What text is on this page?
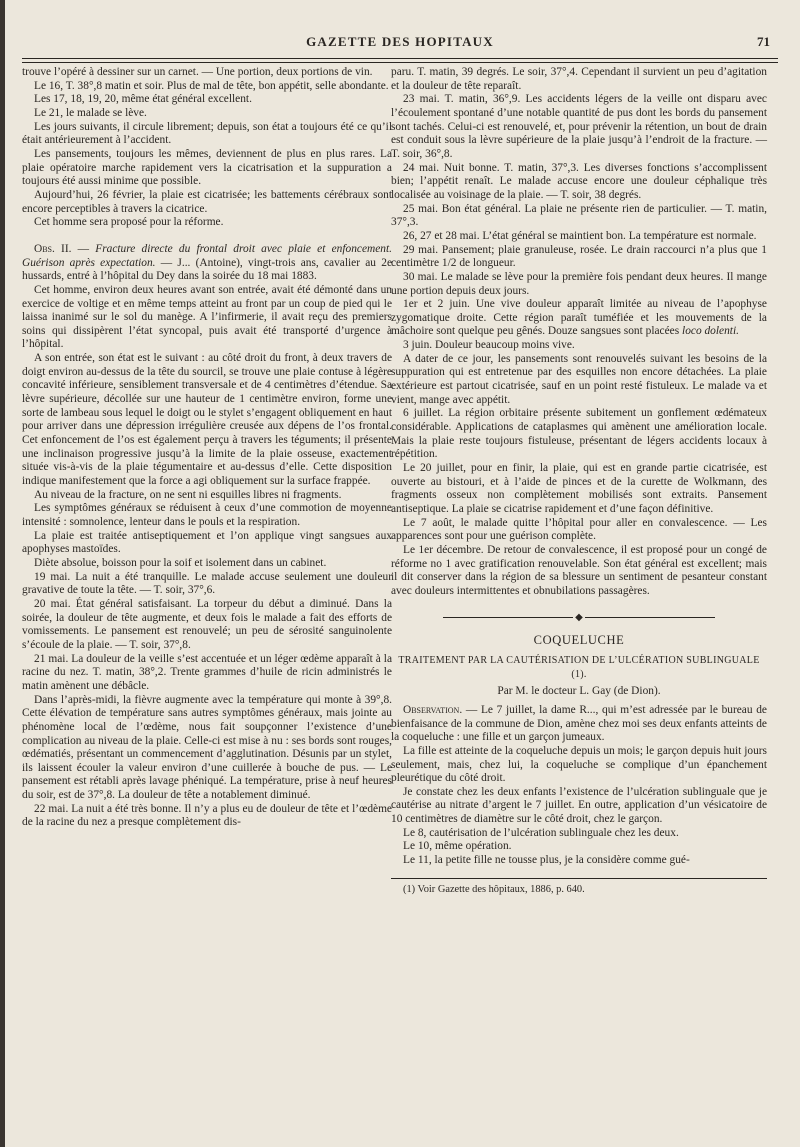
GAZETTE DES HOPITAUX	71

trouve l’opéré à dessiner sur un carnet. — Une portion, deux portions de vin.

Le 16, T. 38°,8 matin et soir. Plus de mal de tête, bon appétit, selle abondante.

Les 17, 18, 19, 20, même état général excellent.

Le 21, le malade se lève.

Les jours suivants, il circule librement; depuis, son état a toujours été ce qu’il était antérieurement à l’accident.

Les pansements, toujours les mêmes, deviennent de plus en plus rares. La plaie opératoire marche rapidement vers la cicatrisation et la suppuration a toujours été aussi minime que possible.

Aujourd’hui, 26 février, la plaie est cicatrisée; les battements cérébraux sont encore perceptibles à travers la cicatrice.

Cet homme sera proposé pour la réforme.

Obs. II. — Fracture directe du frontal droit avec plaie et enfoncement. Guérison après expectation. — J... (Antoine), vingt-trois ans, cavalier au 2e hussards, entré à l’hôpital du Dey dans la soirée du 18 mai 1883.

Cet homme, environ deux heures avant son entrée, avait été démonté dans un exercice de voltige et en même temps atteint au front par un coup de pied qui le laissa inanimé sur le sol du manège. A l’infirmerie, il avait reçu des premiers soins qui dissipèrent l’état syncopal, puis avait été transporté d’urgence à l’hôpital.

A son entrée, son état est le suivant : au côté droit du front, à deux travers de doigt environ au-dessus de la tête du sourcil, se trouve une plaie contuse à légère concavité inférieure, sensiblement transversale et de 4 centimètres d’étendue. Sa lèvre supérieure, décollée sur une hauteur de 1 centimètre environ, forme une sorte de lambeau sous lequel le doigt ou le stylet s’engagent obliquement en haut pour arriver dans une dépression irrégulière creusée aux dépens de l’os frontal. Cet enfoncement de l’os est également perçu à travers les téguments; il présente une inclinaison progressive jusqu’à la limite de la plaie osseuse, exactement située vis-à-vis de la plaie tégumentaire et au-dessus d’elle. Cette disposition indique manifestement que la force a agi obliquement sur la surface frappée.

Au niveau de la fracture, on ne sent ni esquilles libres ni fragments.

Les symptômes généraux se réduisent à ceux d’une commotion de moyenne intensité : somnolence, lenteur dans le pouls et la respiration.

La plaie est traitée antiseptiquement et l’on applique vingt sangsues aux apophyses mastoïdes.

Diète absolue, boisson pour la soif et isolement dans un cabinet.

19 mai. La nuit a été tranquille. Le malade accuse seulement une douleur gravative de toute la tête. — T. soir, 37°,6.

20 mai. État général satisfaisant. La torpeur du début a diminué. Dans la soirée, la douleur de tête augmente, et deux fois le malade a fait des efforts de vomissements. Le pansement est renouvelé; un peu de sérosité sanguinolente s’écoule de la plaie. — T. soir, 37°,8.

21 mai. La douleur de la veille s’est accentuée et un léger œdème apparaît à la racine du nez. T. matin, 38°,2. Trente grammes d’huile de ricin administrés le matin amènent une débâcle.

Dans l’après-midi, la fièvre augmente avec la température qui monte à 39°,8. Cette élévation de température sans autres symptômes généraux, mais jointe au phénomène local de l’œdème, nous fait soupçonner l’existence d’une complication au niveau de la plaie. Celle-ci est mise à nu : ses bords sont rouges, œdématiés, présentant un commencement d’agglutination. Désunis par un stylet, ils laissent écouler la valeur environ d’une cuillerée à bouche de pus. — Le pansement est rétabli après lavage phéniqué. La température, prise à neuf heures du soir, est de 37°,8. La douleur de tête a notablement diminué.

22 mai. La nuit a été très bonne. Il n’y a plus eu de douleur de tête et l’œdème de la racine du nez a presque complètement dis-

paru. T. matin, 39 degrés. Le soir, 37°,4. Cependant il survient un peu d’agitation et la douleur de tête reparaît.

23 mai. T. matin, 36°,9. Les accidents légers de la veille ont disparu avec l’écoulement spontané d’une notable quantité de pus dont les bords du pansement sont tachés. Celui-ci est renouvelé, et, pour prévenir la rétention, un bout de drain est conduit sous la lèvre supérieure de la plaie jusqu’à l’endroit de la fracture. — T. soir, 36°,8.

24 mai. Nuit bonne. T. matin, 37°,3. Les diverses fonctions s’accomplissent bien; l’appétit renaît. Le malade accuse encore une douleur céphalique très localisée au voisinage de la plaie. — T. soir, 38 degrés.

25 mai. Bon état général. La plaie ne présente rien de particulier. — T. matin, 37°,3.

26, 27 et 28 mai. L’état général se maintient bon. La température est normale.

29 mai. Pansement; plaie granuleuse, rosée. Le drain raccourci n’a plus que 1 centimètre 1/2 de longueur.

30 mai. Le malade se lève pour la première fois pendant deux heures. Il mange une portion depuis deux jours.

1er et 2 juin. Une vive douleur apparaît limitée au niveau de l’apophyse zygomatique droite. Cette région paraît tuméfiée et les mouvements de la mâchoire sont quelque peu gênés. Douze sangsues sont placées loco dolenti.

3 juin. Douleur beaucoup moins vive.

A dater de ce jour, les pansements sont renouvelés suivant les besoins de la suppuration qui est entretenue par des esquilles non encore détachées. La plaie extérieure est partout cicatrisée, sauf en un point resté fistuleux. Le malade va et vient, mange avec appétit.

6 juillet. La région orbitaire présente subitement un gonflement œdémateux considérable. Applications de cataplasmes qui amènent une amélioration locale. Mais la plaie reste toujours fistuleuse, présentant de légers accidents locaux à répétition.

Le 20 juillet, pour en finir, la plaie, qui est en grande partie cicatrisée, est ouverte au bistouri, et à l’aide de pinces et de la curette de Wolkmann, des fragments osseux non complètement mobilisés sont extraits. Pansement antiseptique. La plaie se cicatrise rapidement et d’une façon définitive.

Le 7 août, le malade quitte l’hôpital pour aller en convalescence. — Les apparences sont pour une guérison complète.

Le 1er décembre. De retour de convalescence, il est proposé pour un congé de réforme no 1 avec gratification renouvelable. Son état général est excellent; mais il dit conserver dans la région de sa blessure un sentiment de pesanteur constant avec douleurs intermittentes et obnubilations passagères.

◆
COQUELUCHE
TRAITEMENT PAR LA CAUTÉRISATION DE L’ULCÉRATION SUBLINGUALE (1).
Par M. le docteur L. Gay (de Dion).

Observation. — Le 7 juillet, la dame R..., qui m’est adressée par le bureau de bienfaisance de la commune de Dion, amène chez moi ses deux enfants atteints de la coqueluche : une fille et un garçon jumeaux.

La fille est atteinte de la coqueluche depuis un mois; le garçon depuis huit jours seulement, mais, chez lui, la coqueluche se complique d’un épanchement pleurétique du côté droit.

Je constate chez les deux enfants l’existence de l’ulcération sublinguale que je cautérise au nitrate d’argent le 7 juillet. En outre, application d’un vésicatoire de 10 centimètres de diamètre sur le côté droit, chez le garçon.

Le 8, cautérisation de l’ulcération sublinguale chez les deux.

Le 10, même opération.

Le 11, la petite fille ne tousse plus, je la considère comme gué-

(1) Voir Gazette des hôpitaux, 1886, p. 640.
